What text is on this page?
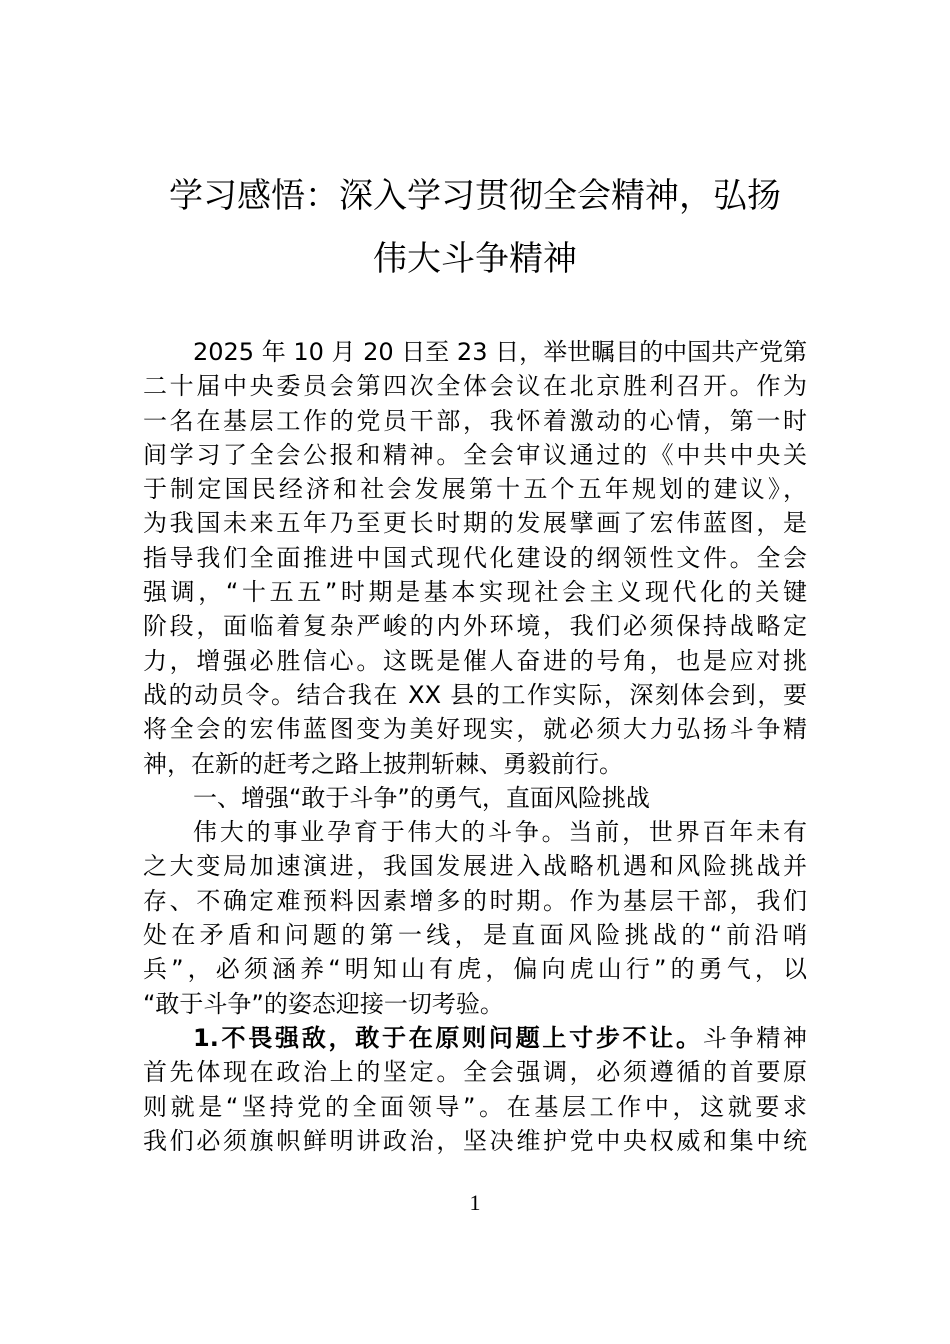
学习感悟：深入学习贯彻全会精神，弘扬
伟大斗争精神
2025 年 10 月 20 日至 23 日，举世瞩目的中国共产党第
二十届中央委员会第四次全体会议在北京胜利召开。作为
一名在基层工作的党员干部，我怀着激动的心情，第一时
间学习了全会公报和精神。全会审议通过的《中共中央关
于制定国民经济和社会发展第十五个五年规划的建议》，
为我国未来五年乃至更长时期的发展擘画了宏伟蓝图，是
指导我们全面推进中国式现代化建设的纲领性文件。全会
强调，“十五五”时期是基本实现社会主义现代化的关键
阶段，面临着复杂严峻的内外环境，我们必须保持战略定
力，增强必胜信心。这既是催人奋进的号角，也是应对挑
战的动员令。结合我在 XX 县的工作实际，深刻体会到，要
将全会的宏伟蓝图变为美好现实，就必须大力弘扬斗争精
神，在新的赶考之路上披荆斩棘、勇毅前行。
一、增强“敢于斗争”的勇气，直面风险挑战
伟大的事业孕育于伟大的斗争。当前，世界百年未有
之大变局加速演进，我国发展进入战略机遇和风险挑战并
存、不确定难预料因素增多的时期。作为基层干部，我们
处在矛盾和问题的第一线，是直面风险挑战的“前沿哨
兵”，必须涵养“明知山有虎，偏向虎山行”的勇气，以
“敢于斗争”的姿态迎接一切考验。
1.不畏强敌，敢于在原则问题上寸步不让。斗争精神
首先体现在政治上的坚定。全会强调，必须遵循的首要原
则就是“坚持党的全面领导”。在基层工作中，这就要求
我们必须旗帜鲜明讲政治，坚决维护党中央权威和集中统
1
